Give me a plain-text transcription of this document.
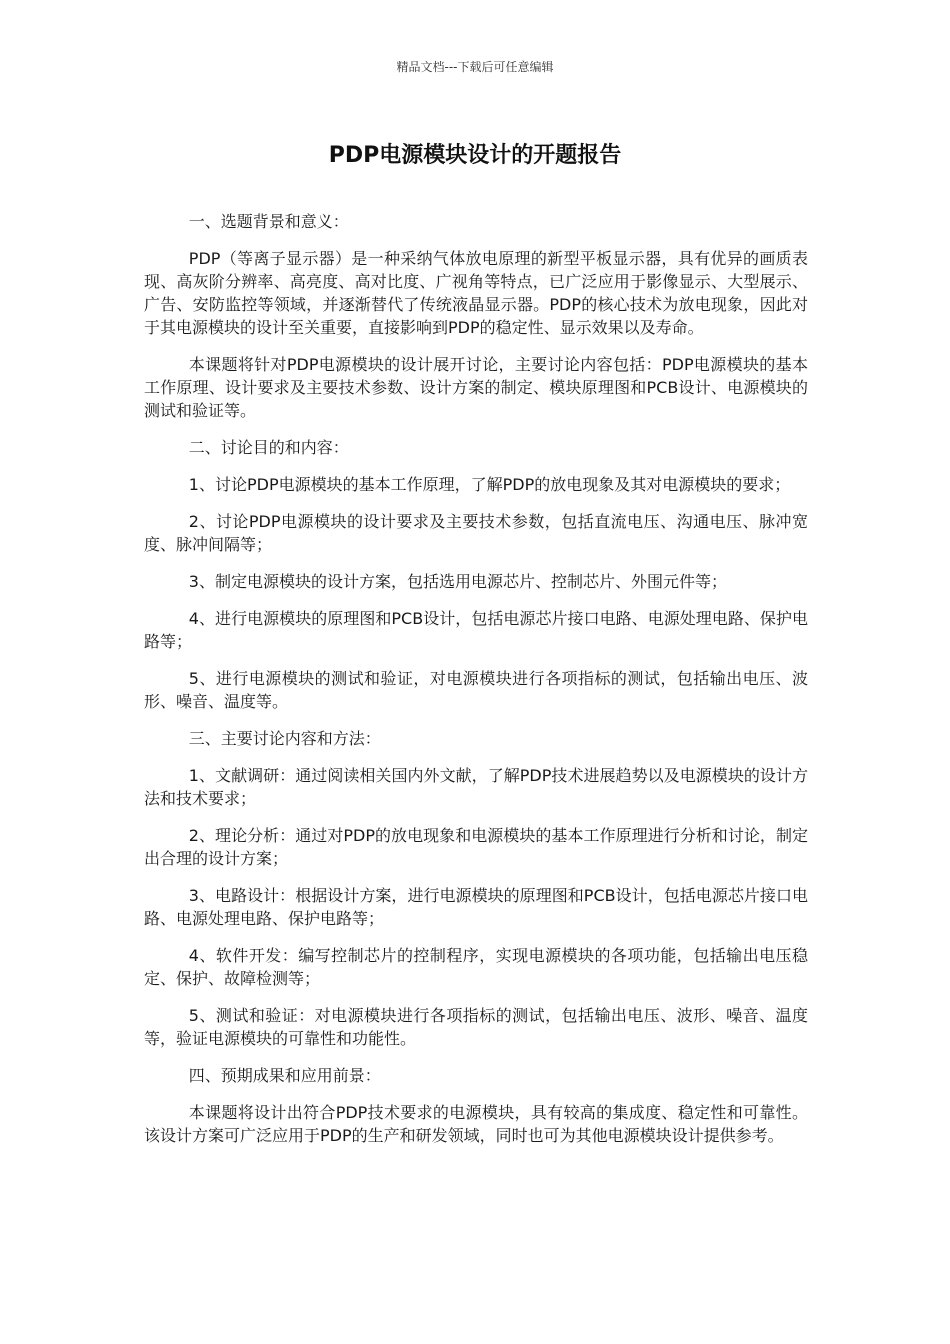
精品文档---下载后可任意编辑
PDP电源模块设计的开题报告

一、选题背景和意义：

PDP（等离子显示器）是一种采纳气体放电原理的新型平板显示器，具有优异的画质表现、高灰阶分辨率、高亮度、高对比度、广视角等特点，已广泛应用于影像显示、大型展示、广告、安防监控等领域，并逐渐替代了传统液晶显示器。PDP的核心技术为放电现象，因此对于其电源模块的设计至关重要，直接影响到PDP的稳定性、显示效果以及寿命。

本课题将针对PDP电源模块的设计展开讨论，主要讨论内容包括：PDP电源模块的基本工作原理、设计要求及主要技术参数、设计方案的制定、模块原理图和PCB设计、电源模块的测试和验证等。

二、讨论目的和内容：

1、讨论PDP电源模块的基本工作原理，了解PDP的放电现象及其对电源模块的要求；

2、讨论PDP电源模块的设计要求及主要技术参数，包括直流电压、沟通电压、脉冲宽度、脉冲间隔等；

3、制定电源模块的设计方案，包括选用电源芯片、控制芯片、外围元件等；

4、进行电源模块的原理图和PCB设计，包括电源芯片接口电路、电源处理电路、保护电路等；

5、进行电源模块的测试和验证，对电源模块进行各项指标的测试，包括输出电压、波形、噪音、温度等。

三、主要讨论内容和方法：

1、文献调研：通过阅读相关国内外文献，了解PDP技术进展趋势以及电源模块的设计方法和技术要求；

2、理论分析：通过对PDP的放电现象和电源模块的基本工作原理进行分析和讨论，制定出合理的设计方案；

3、电路设计：根据设计方案，进行电源模块的原理图和PCB设计，包括电源芯片接口电路、电源处理电路、保护电路等；

4、软件开发：编写控制芯片的控制程序，实现电源模块的各项功能，包括输出电压稳定、保护、故障检测等；

5、测试和验证：对电源模块进行各项指标的测试，包括输出电压、波形、噪音、温度等，验证电源模块的可靠性和功能性。

四、预期成果和应用前景：

本课题将设计出符合PDP技术要求的电源模块，具有较高的集成度、稳定性和可靠性。该设计方案可广泛应用于PDP的生产和研发领域，同时也可为其他电源模块设计提供参考。
